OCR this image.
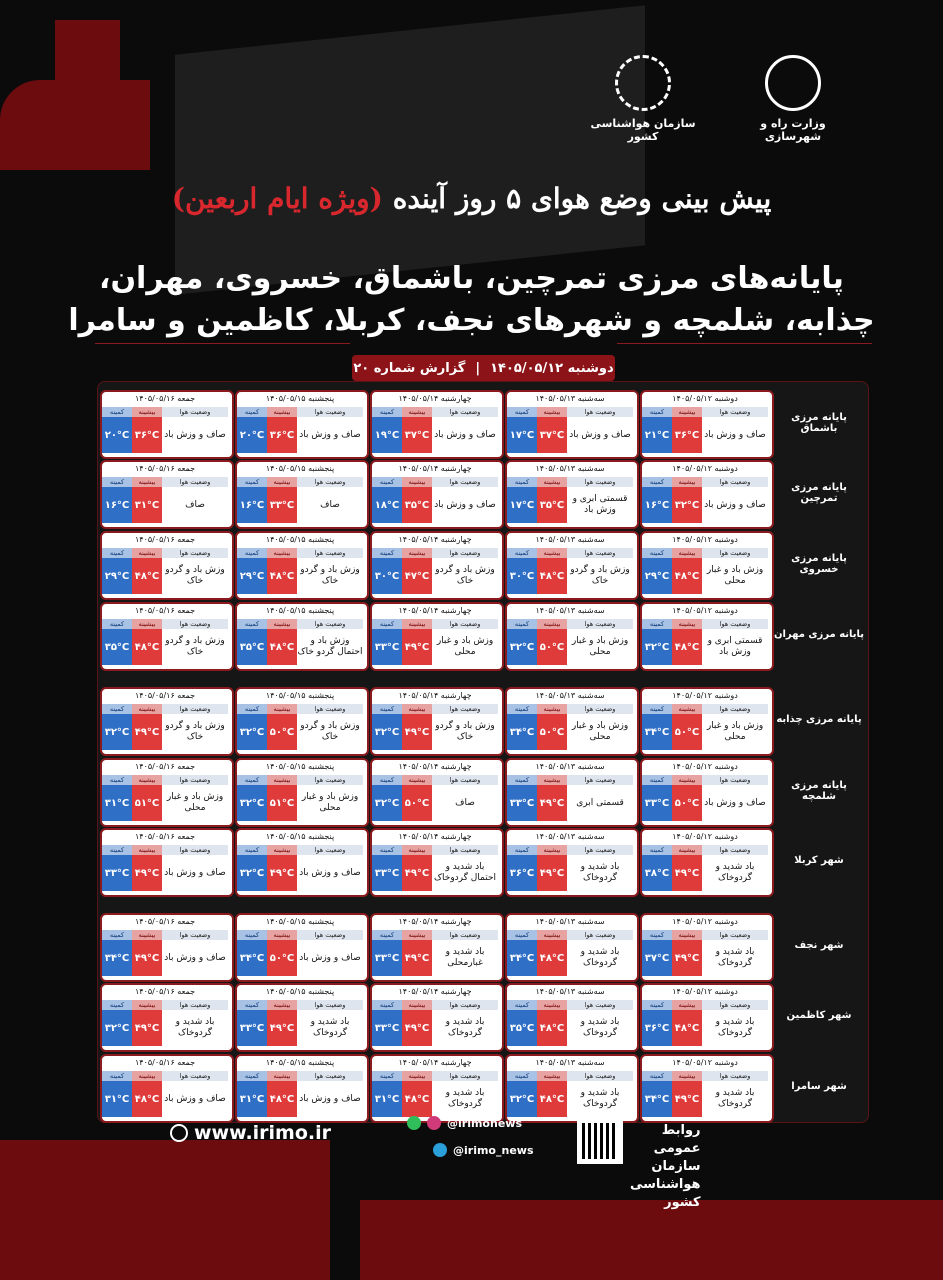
وزارت راه و شهرسازی
سازمان هواشناسی کشور
پیش بینی وضع هوای ۵ روز آینده (ویژه ایام اربعین)
پایانه‌های مرزی تمرچین، باشماق، خسروی، مهران،
چذابه، شلمچه و شهرهای نجف، کربلا، کاظمین و سامرا
دوشنبه ۱۴۰۵/۰۵/۱۲
|
گزارش شماره ۲۰
پایانه مرزی باشماق
دوشنبه ۱۴۰۵/۰۵/۱۲
وضعیت هوا
بیشینه
کمینه
صاف و وزش باد
۳۶°C
۲۱°C
سه‌شنبه ۱۴۰۵/۰۵/۱۳
وضعیت هوا
بیشینه
کمینه
صاف و وزش باد
۳۷°C
۱۷°C
چهارشنبه ۱۴۰۵/۰۵/۱۴
وضعیت هوا
بیشینه
کمینه
صاف و وزش باد
۳۷°C
۱۹°C
پنجشنبه ۱۴۰۵/۰۵/۱۵
وضعیت هوا
بیشینه
کمینه
صاف و وزش باد
۳۶°C
۲۰°C
جمعه ۱۴۰۵/۰۵/۱۶
وضعیت هوا
بیشینه
کمینه
صاف و وزش باد
۳۶°C
۲۰°C
پایانه مرزی تمرچین
دوشنبه ۱۴۰۵/۰۵/۱۲
وضعیت هوا
بیشینه
کمینه
صاف و وزش باد
۳۲°C
۱۶°C
سه‌شنبه ۱۴۰۵/۰۵/۱۳
وضعیت هوا
بیشینه
کمینه
قسمتی ابری و وزش باد
۳۵°C
۱۷°C
چهارشنبه ۱۴۰۵/۰۵/۱۴
وضعیت هوا
بیشینه
کمینه
صاف و وزش باد
۳۵°C
۱۸°C
پنجشنبه ۱۴۰۵/۰۵/۱۵
وضعیت هوا
بیشینه
کمینه
صاف
۳۳°C
۱۶°C
جمعه ۱۴۰۵/۰۵/۱۶
وضعیت هوا
بیشینه
کمینه
صاف
۳۱°C
۱۶°C
پایانه مرزی خسروی
دوشنبه ۱۴۰۵/۰۵/۱۲
وضعیت هوا
بیشینه
کمینه
وزش باد و غبار محلی
۴۸°C
۲۹°C
سه‌شنبه ۱۴۰۵/۰۵/۱۳
وضعیت هوا
بیشینه
کمینه
وزش باد و گردو خاک
۴۸°C
۳۰°C
چهارشنبه ۱۴۰۵/۰۵/۱۴
وضعیت هوا
بیشینه
کمینه
وزش باد و گردو خاک
۴۷°C
۳۰°C
پنجشنبه ۱۴۰۵/۰۵/۱۵
وضعیت هوا
بیشینه
کمینه
وزش باد و گردو خاک
۴۸°C
۲۹°C
جمعه ۱۴۰۵/۰۵/۱۶
وضعیت هوا
بیشینه
کمینه
وزش باد و گردو خاک
۴۸°C
۲۹°C
پایانه مرزی مهران
دوشنبه ۱۴۰۵/۰۵/۱۲
وضعیت هوا
بیشینه
کمینه
قسمتی ابری و وزش باد
۴۸°C
۳۲°C
سه‌شنبه ۱۴۰۵/۰۵/۱۳
وضعیت هوا
بیشینه
کمینه
وزش باد و غبار محلی
۵۰°C
۳۲°C
چهارشنبه ۱۴۰۵/۰۵/۱۴
وضعیت هوا
بیشینه
کمینه
وزش باد و غبار محلی
۴۹°C
۳۳°C
پنجشنبه ۱۴۰۵/۰۵/۱۵
وضعیت هوا
بیشینه
کمینه
وزش باد و احتمال گردو خاک
۴۸°C
۳۵°C
جمعه ۱۴۰۵/۰۵/۱۶
وضعیت هوا
بیشینه
کمینه
وزش باد و گردو خاک
۴۸°C
۳۵°C
پایانه مرزی چذابه
دوشنبه ۱۴۰۵/۰۵/۱۲
وضعیت هوا
بیشینه
کمینه
وزش باد و غبار محلی
۵۰°C
۳۴°C
سه‌شنبه ۱۴۰۵/۰۵/۱۳
وضعیت هوا
بیشینه
کمینه
وزش باد و غبار محلی
۵۰°C
۳۴°C
چهارشنبه ۱۴۰۵/۰۵/۱۴
وضعیت هوا
بیشینه
کمینه
وزش باد و گردو خاک
۴۹°C
۳۲°C
پنجشنبه ۱۴۰۵/۰۵/۱۵
وضعیت هوا
بیشینه
کمینه
وزش باد و گردو خاک
۵۰°C
۳۲°C
جمعه ۱۴۰۵/۰۵/۱۶
وضعیت هوا
بیشینه
کمینه
وزش باد و گردو خاک
۴۹°C
۳۲°C
پایانه مرزی شلمچه
دوشنبه ۱۴۰۵/۰۵/۱۲
وضعیت هوا
بیشینه
کمینه
صاف و وزش باد
۵۰°C
۳۳°C
سه‌شنبه ۱۴۰۵/۰۵/۱۳
وضعیت هوا
بیشینه
کمینه
قسمتی ابری
۴۹°C
۳۳°C
چهارشنبه ۱۴۰۵/۰۵/۱۴
وضعیت هوا
بیشینه
کمینه
صاف
۵۰°C
۳۲°C
پنجشنبه ۱۴۰۵/۰۵/۱۵
وضعیت هوا
بیشینه
کمینه
وزش باد و غبار محلی
۵۱°C
۳۲°C
جمعه ۱۴۰۵/۰۵/۱۶
وضعیت هوا
بیشینه
کمینه
وزش باد و غبار محلی
۵۱°C
۳۱°C
شهر کربلا
دوشنبه ۱۴۰۵/۰۵/۱۲
وضعیت هوا
بیشینه
کمینه
باد شدید و گردوخاک
۴۹°C
۳۸°C
سه‌شنبه ۱۴۰۵/۰۵/۱۳
وضعیت هوا
بیشینه
کمینه
باد شدید و گردوخاک
۴۹°C
۳۶°C
چهارشنبه ۱۴۰۵/۰۵/۱۴
وضعیت هوا
بیشینه
کمینه
باد شدید و احتمال گردوخاک
۴۹°C
۳۳°C
پنجشنبه ۱۴۰۵/۰۵/۱۵
وضعیت هوا
بیشینه
کمینه
صاف و وزش باد
۴۹°C
۳۲°C
جمعه ۱۴۰۵/۰۵/۱۶
وضعیت هوا
بیشینه
کمینه
صاف و وزش باد
۴۹°C
۳۳°C
شهر نجف
دوشنبه ۱۴۰۵/۰۵/۱۲
وضعیت هوا
بیشینه
کمینه
باد شدید و گردوخاک
۴۹°C
۳۷°C
سه‌شنبه ۱۴۰۵/۰۵/۱۳
وضعیت هوا
بیشینه
کمینه
باد شدید و گردوخاک
۴۸°C
۳۴°C
چهارشنبه ۱۴۰۵/۰۵/۱۴
وضعیت هوا
بیشینه
کمینه
باد شدید و غبارمحلی
۴۹°C
۳۳°C
پنجشنبه ۱۴۰۵/۰۵/۱۵
وضعیت هوا
بیشینه
کمینه
صاف و وزش باد
۵۰°C
۳۴°C
جمعه ۱۴۰۵/۰۵/۱۶
وضعیت هوا
بیشینه
کمینه
صاف و وزش باد
۴۹°C
۳۴°C
شهر کاظمین
دوشنبه ۱۴۰۵/۰۵/۱۲
وضعیت هوا
بیشینه
کمینه
باد شدید و گردوخاک
۴۸°C
۳۶°C
سه‌شنبه ۱۴۰۵/۰۵/۱۳
وضعیت هوا
بیشینه
کمینه
باد شدید و گردوخاک
۴۸°C
۳۵°C
چهارشنبه ۱۴۰۵/۰۵/۱۴
وضعیت هوا
بیشینه
کمینه
باد شدید و گردوخاک
۴۹°C
۳۳°C
پنجشنبه ۱۴۰۵/۰۵/۱۵
وضعیت هوا
بیشینه
کمینه
باد شدید و گردوخاک
۴۹°C
۳۳°C
جمعه ۱۴۰۵/۰۵/۱۶
وضعیت هوا
بیشینه
کمینه
باد شدید و گردوخاک
۴۹°C
۳۲°C
شهر سامرا
دوشنبه ۱۴۰۵/۰۵/۱۲
وضعیت هوا
بیشینه
کمینه
باد شدید و گردوخاک
۴۹°C
۳۴°C
سه‌شنبه ۱۴۰۵/۰۵/۱۳
وضعیت هوا
بیشینه
کمینه
باد شدید و گردوخاک
۴۸°C
۳۲°C
چهارشنبه ۱۴۰۵/۰۵/۱۴
وضعیت هوا
بیشینه
کمینه
باد شدید و گردوخاک
۴۸°C
۳۱°C
پنجشنبه ۱۴۰۵/۰۵/۱۵
وضعیت هوا
بیشینه
کمینه
صاف و وزش باد
۴۸°C
۳۱°C
جمعه ۱۴۰۵/۰۵/۱۶
وضعیت هوا
بیشینه
کمینه
صاف و وزش باد
۴۸°C
۳۱°C
www.irimo.ir	@irimonews
@irimo_news
روابط عمومی
سازمان هواشناسی کشور
